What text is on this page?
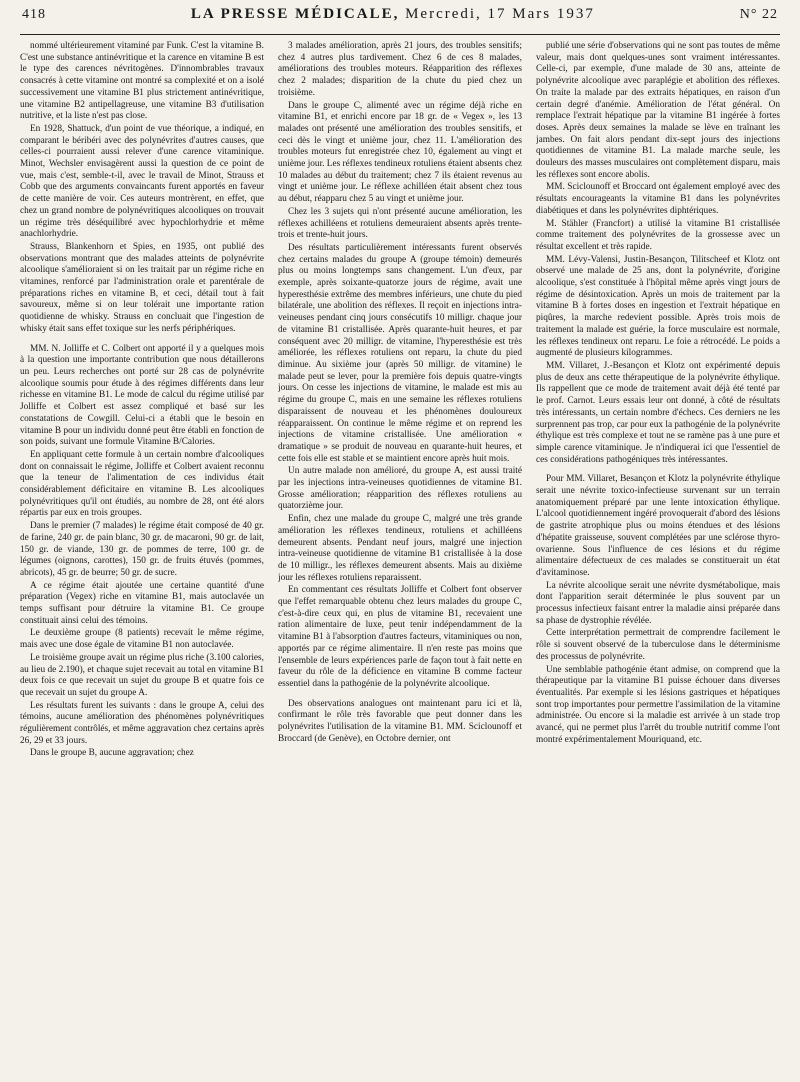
418	LA PRESSE MÉDICALE, Mercredi, 17 Mars 1937	N° 22

nommé ultérieurement vitaminé par Funk. C'est la vitamine B. C'est une substance antinévritique et la carence en vitamine B est le type des carences névritogènes. D'innombrables travaux consacrés à cette vitamine ont montré sa complexité et on a isolé successivement une vitamine B1 plus strictement antinévritique, une vitamine B2 antipellagreuse, une vitamine B3 d'utilisation nutritive, et la liste n'est pas close.

En 1928, Shattuck, d'un point de vue théorique, a indiqué, en comparant le béribéri avec des polynévrites d'autres causes, que celles-ci pourraient aussi relever d'une carence vitaminique. Minot, Wechsler envisagèrent aussi la question de ce point de vue, mais c'est, semble-t-il, avec le travail de Minot, Strauss et Cobb que des arguments convaincants furent apportés en faveur de cette manière de voir. Ces auteurs montrèrent, en effet, que chez un grand nombre de polynévritiques alcooliques on trouvait un régime très déséquilibré avec hypochlorhydrie et même anachlorhydrie.

Strauss, Blankenhorn et Spies, en 1935, ont publié des observations montrant que des malades atteints de polynévrite alcoolique s'amélioraient si on les traitait par un régime riche en vitamines, renforcé par l'administration orale et parentérale de préparations riches en vitamine B, et ceci, détail tout à fait savoureux, même si on leur tolérait une importante ration quotidienne de whisky. Strauss en concluait que l'ingestion de whisky était sans effet toxique sur les nerfs périphériques.

MM. N. Jolliffe et C. Colbert ont apporté il y a quelques mois à la question une importante contribution que nous détaillerons un peu. Leurs recherches ont porté sur 28 cas de polynévrite alcoolique soumis pour étude à des régimes différents dans leur richesse en vitamine B1. Le mode de calcul du régime utilisé par Jolliffe et Colbert est assez compliqué et basé sur les constatations de Cowgill. Celui-ci a établi que le besoin en vitamine B pour un individu donné peut être établi en fonction de son poids, suivant une formule Vitamine B/Calories.

En appliquant cette formule à un certain nombre d'alcooliques dont on connaissait le régime, Jolliffe et Colbert avaient reconnu que la teneur de l'alimentation de ces individus était considérablement déficitaire en vitamine B. Les alcooliques polynévritiques qu'il ont étudiés, au nombre de 28, ont été alors répartis par eux en trois groupes.

Dans le premier (7 malades) le régime était composé de 40 gr. de farine, 240 gr. de pain blanc, 30 gr. de macaroni, 90 gr. de lait, 150 gr. de viande, 130 gr. de pommes de terre, 100 gr. de légumes (oignons, carottes), 150 gr. de fruits étuvés (pommes, abricots), 45 gr. de beurre; 50 gr. de sucre.

A ce régime était ajoutée une certaine quantité d'une préparation (Vegex) riche en vitamine B1, mais autoclavée un temps suffisant pour détruire la vitamine B1. Ce groupe constituait ainsi celui des témoins.

Le deuxième groupe (8 patients) recevait le même régime, mais avec une dose égale de vitamine B1 non autoclavée.

Le troisième groupe avait un régime plus riche (3.100 calories, au lieu de 2.190), et chaque sujet recevait au total en vitamine B1 deux fois ce que recevait un sujet du groupe B et quatre fois ce que recevait un sujet du groupe A.

Les résultats furent les suivants : dans le groupe A, celui des témoins, aucune amélioration des phénomènes polynévritiques régulièrement contrôlés, et même aggravation chez certains après 26, 29 et 33 jours.

Dans le groupe B, aucune aggravation; chez

3 malades amélioration, après 21 jours, des troubles sensitifs; chez 4 autres plus tardivement. Chez 6 de ces 8 malades, améliorations des troubles moteurs. Réapparition des réflexes chez 2 malades; disparition de la chute du pied chez un troisième.

Dans le groupe C, alimenté avec un régime déjà riche en vitamine B1, et enrichi encore par 18 gr. de « Vegex », les 13 malades ont présenté une amélioration des troubles sensitifs, et ceci dès le vingt et unième jour, chez 11. L'amélioration des troubles moteurs fut enregistrée chez 10, également au vingt et unième jour. Les réflexes tendineux rotuliens étaient absents chez 10 malades au début du traitement; chez 7 ils étaient revenus au vingt et unième jour. Le réflexe achilléen était absent chez tous au début, réapparu chez 5 au vingt et unième jour.

Chez les 3 sujets qui n'ont présenté aucune amélioration, les réflexes achilléens et rotuliens demeuraient absents après trente-trois et trente-huit jours.

Des résultats particulièrement intéressants furent observés chez certains malades du groupe A (groupe témoin) demeurés plus ou moins longtemps sans changement. L'un d'eux, par exemple, après soixante-quatorze jours de régime, avait une hyperesthésie extrême des membres inférieurs, une chute du pied bilatérale, une abolition des réflexes. Il reçoit en injections intra-veineuses pendant cinq jours consécutifs 10 milligr. chaque jour de vitamine B1 cristallisée. Après quarante-huit heures, et par conséquent avec 20 milligr. de vitamine, l'hyperesthésie est très améliorée, les réflexes rotuliens ont reparu, la chute du pied diminue. Au sixième jour (après 50 milligr. de vitamine) le malade peut se lever, pour la première fois depuis quatre-vingts jours. On cesse les injections de vitamine, le malade est mis au régime du groupe C, mais en une semaine les réflexes rotuliens disparaissent de nouveau et les phénomènes douloureux réapparaissent. On continue le même régime et on reprend les injections de vitamine cristallisée. Une amélioration « dramatique » se produit de nouveau en quarante-huit heures, et cette fois elle est stable et se maintient encore après huit mois.

Un autre malade non amélioré, du groupe A, est aussi traité par les injections intra-veineuses quotidiennes de vitamine B1. Grosse amélioration; réapparition des réflexes rotuliens au quatorzième jour.

Enfin, chez une malade du groupe C, malgré une très grande amélioration les réflexes tendineux, rotuliens et achilléens demeurent absents. Pendant neuf jours, malgré une injection intra-veineuse quotidienne de vitamine B1 cristallisée à la dose de 10 milligr., les réflexes demeurent absents. Mais au dixième jour les réflexes rotuliens reparaissent.

En commentant ces résultats Jolliffe et Colbert font observer que l'effet remarquable obtenu chez leurs malades du groupe C, c'est-à-dire ceux qui, en plus de vitamine B1, recevaient une ration alimentaire de luxe, peut tenir indépendamment de la vitamine B1 à l'absorption d'autres facteurs, vitaminiques ou non, apportés par ce régime alimentaire. Il n'en reste pas moins que l'ensemble de leurs expériences parle de façon tout à fait nette en faveur du rôle de la déficience en vitamine B comme facteur essentiel dans la pathogénie de la polynévrite alcoolique.

Des observations analogues ont maintenant paru ici et là, confirmant le rôle très favorable que peut donner dans les polynévrites l'utilisation de la vitamine B1. MM. Sciclounoff et Broccard (de Genève), en Octobre dernier, ont

publié une série d'observations qui ne sont pas toutes de même valeur, mais dont quelques-unes sont vraiment intéressantes. Celle-ci, par exemple, d'une malade de 30 ans, atteinte de polynévrite alcoolique avec paraplégie et abolition des réflexes. On traite la malade par des extraits hépatiques, en raison d'un certain degré d'anémie. Amélioration de l'état général. On remplace l'extrait hépatique par la vitamine B1 ingérée à fortes doses. Après deux semaines la malade se lève en traînant les jambes. On fait alors pendant dix-sept jours des injections quotidiennes de vitamine B1. La malade marche seule, les douleurs des masses musculaires ont complètement disparu, mais les réflexes sont encore abolis.

MM. Sciclounoff et Broccard ont également employé avec des résultats encourageants la vitamine B1 dans les polynévrites diabétiques et dans les polynévrites diphtériques.

M. Stähler (Francfort) a utilisé la vitamine B1 cristallisée comme traitement des polynévrites de la grossesse avec un résultat excellent et très rapide.

MM. Lévy-Valensi, Justin-Besançon, Tilitscheef et Klotz ont observé une malade de 25 ans, dont la polynévrite, d'origine alcoolique, s'est constituée à l'hôpital même après vingt jours de régime de désintoxication. Après un mois de traitement par la vitamine B à fortes doses en ingestion et l'extrait hépatique en piqûres, la marche redevient possible. Après trois mois de traitement la malade est guérie, la force musculaire est normale, les réflexes tendineux ont reparu. Le foie a rétrocédé. Le poids a augmenté de plusieurs kilogrammes.

MM. Villaret, J.-Besançon et Klotz ont expérimenté depuis plus de deux ans cette thérapeutique de la polynévrite éthylique. Ils rappellent que ce mode de traitement avait déjà été tenté par le prof. Carnot. Leurs essais leur ont donné, à côté de résultats très intéressants, un certain nombre d'échecs. Ces derniers ne les surprennent pas trop, car pour eux la pathogénie de la polynévrite éthylique est très complexe et tout ne se ramène pas à une pure et simple carence vitaminique. Je n'indiquerai ici que l'essentiel de ces considérations pathogéniques très intéressantes.

Pour MM. Villaret, Besançon et Klotz la polynévrite éthylique serait une névrite toxico-infectieuse survenant sur un terrain anatomiquement préparé par une lente intoxication éthylique. L'alcool quotidiennement ingéré provoquerait d'abord des lésions de gastrite atrophique plus ou moins étendues et des lésions d'hépatite graisseuse, souvent complétées par une sclérose thyro-ovarienne. Sous l'influence de ces lésions et du régime alimentaire défectueux de ces malades se constituerait un état d'avitaminose.

La névrite alcoolique serait une névrite dysmétabolique, mais dont l'apparition serait déterminée le plus souvent par un processus infectieux faisant entrer la maladie ainsi préparée dans sa phase de dystrophie révélée.

Cette interprétation permettrait de comprendre facilement le rôle si souvent observé de la tuberculose dans le déterminisme des processus de polynévrite.

Une semblable pathogénie étant admise, on comprend que la thérapeutique par la vitamine B1 puisse échouer dans diverses éventualités. Par exemple si les lésions gastriques et hépatiques sont trop importantes pour permettre l'assimilation de la vitamine administrée. Ou encore si la maladie est arrivée à un stade trop avancé, qui ne permet plus l'arrêt du trouble nutritif comme l'ont montré expérimentalement Mouriquand, etc.
